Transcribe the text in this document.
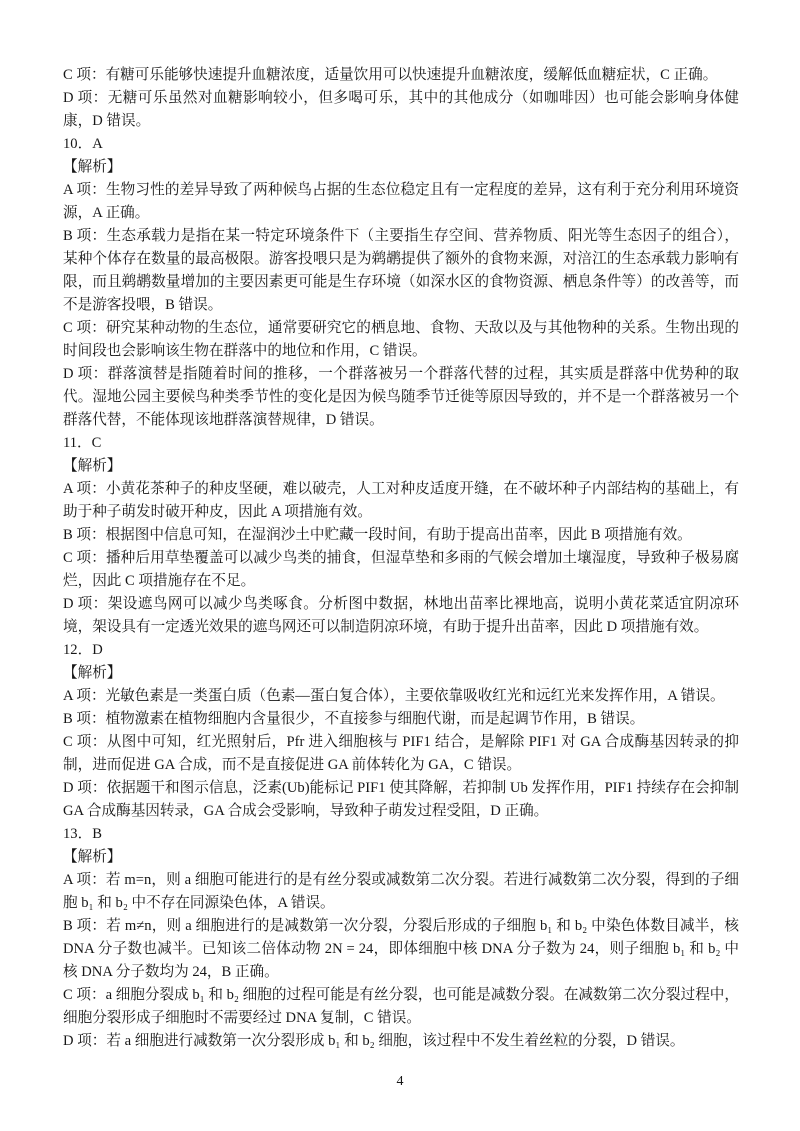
C 项：有糖可乐能够快速提升血糖浓度，适量饮用可以快速提升血糖浓度，缓解低血糖症状，C 正确。

D 项：无糖可乐虽然对血糖影响较小，但多喝可乐，其中的其他成分（如咖啡因）也可能会影响身体健康，D 错误。

10．A

【解析】

A 项：生物习性的差异导致了两种候鸟占据的生态位稳定且有一定程度的差异，这有利于充分利用环境资源，A 正确。

B 项：生态承载力是指在某一特定环境条件下（主要指生存空间、营养物质、阳光等生态因子的组合），某种个体存在数量的最高极限。游客投喂只是为鹈鹕提供了额外的食物来源，对涪江的生态承载力影响有限，而且鹈鹕数量增加的主要因素更可能是生存环境（如深水区的食物资源、栖息条件等）的改善等，而不是游客投喂，B 错误。

C 项：研究某种动物的生态位，通常要研究它的栖息地、食物、天敌以及与其他物种的关系。生物出现的时间段也会影响该生物在群落中的地位和作用，C 错误。

D 项：群落演替是指随着时间的推移，一个群落被另一个群落代替的过程，其实质是群落中优势种的取代。湿地公园主要候鸟种类季节性的变化是因为候鸟随季节迁徙等原因导致的，并不是一个群落被另一个群落代替，不能体现该地群落演替规律，D 错误。

11．C

【解析】

A 项：小黄花茶种子的种皮坚硬，难以破壳，人工对种皮适度开缝，在不破坏种子内部结构的基础上，有助于种子萌发时破开种皮，因此 A 项措施有效。

B 项：根据图中信息可知，在湿润沙土中贮藏一段时间，有助于提高出苗率，因此 B 项措施有效。

C 项：播种后用草垫覆盖可以减少鸟类的捕食，但湿草垫和多雨的气候会增加土壤湿度，导致种子极易腐烂，因此 C 项措施存在不足。

D 项：架设遮鸟网可以减少鸟类啄食。分析图中数据，林地出苗率比裸地高，说明小黄花菜适宜阴凉环境，架设具有一定透光效果的遮鸟网还可以制造阴凉环境，有助于提升出苗率，因此 D 项措施有效。

12．D

【解析】

A 项：光敏色素是一类蛋白质（色素—蛋白复合体），主要依靠吸收红光和远红光来发挥作用，A 错误。

B 项：植物激素在植物细胞内含量很少，不直接参与细胞代谢，而是起调节作用，B 错误。

C 项：从图中可知，红光照射后，Pfr 进入细胞核与 PIF1 结合，是解除 PIF1 对 GA 合成酶基因转录的抑制，进而促进 GA 合成，而不是直接促进 GA 前体转化为 GA，C 错误。

D 项：依据题干和图示信息，泛素(Ub)能标记 PIF1 使其降解，若抑制 Ub 发挥作用，PIF1 持续存在会抑制 GA 合成酶基因转录，GA 合成会受影响，导致种子萌发过程受阻，D 正确。

13．B

【解析】

A 项：若 m=n，则 a 细胞可能进行的是有丝分裂或减数第二次分裂。若进行减数第二次分裂，得到的子细胞 b₁ 和 b₂ 中不存在同源染色体，A 错误。

B 项：若 m≠n，则 a 细胞进行的是减数第一次分裂，分裂后形成的子细胞 b₁ 和 b₂ 中染色体数目减半，核 DNA 分子数也减半。已知该二倍体动物 2N = 24，即体细胞中核 DNA 分子数为 24，则子细胞 b₁ 和 b₂ 中核 DNA 分子数均为 24，B 正确。

C 项：a 细胞分裂成 b₁ 和 b₂ 细胞的过程可能是有丝分裂，也可能是减数分裂。在减数第二次分裂过程中，细胞分裂形成子细胞时不需要经过 DNA 复制，C 错误。

D 项：若 a 细胞进行减数第一次分裂形成 b₁ 和 b₂ 细胞，该过程中不发生着丝粒的分裂，D 错误。

4
